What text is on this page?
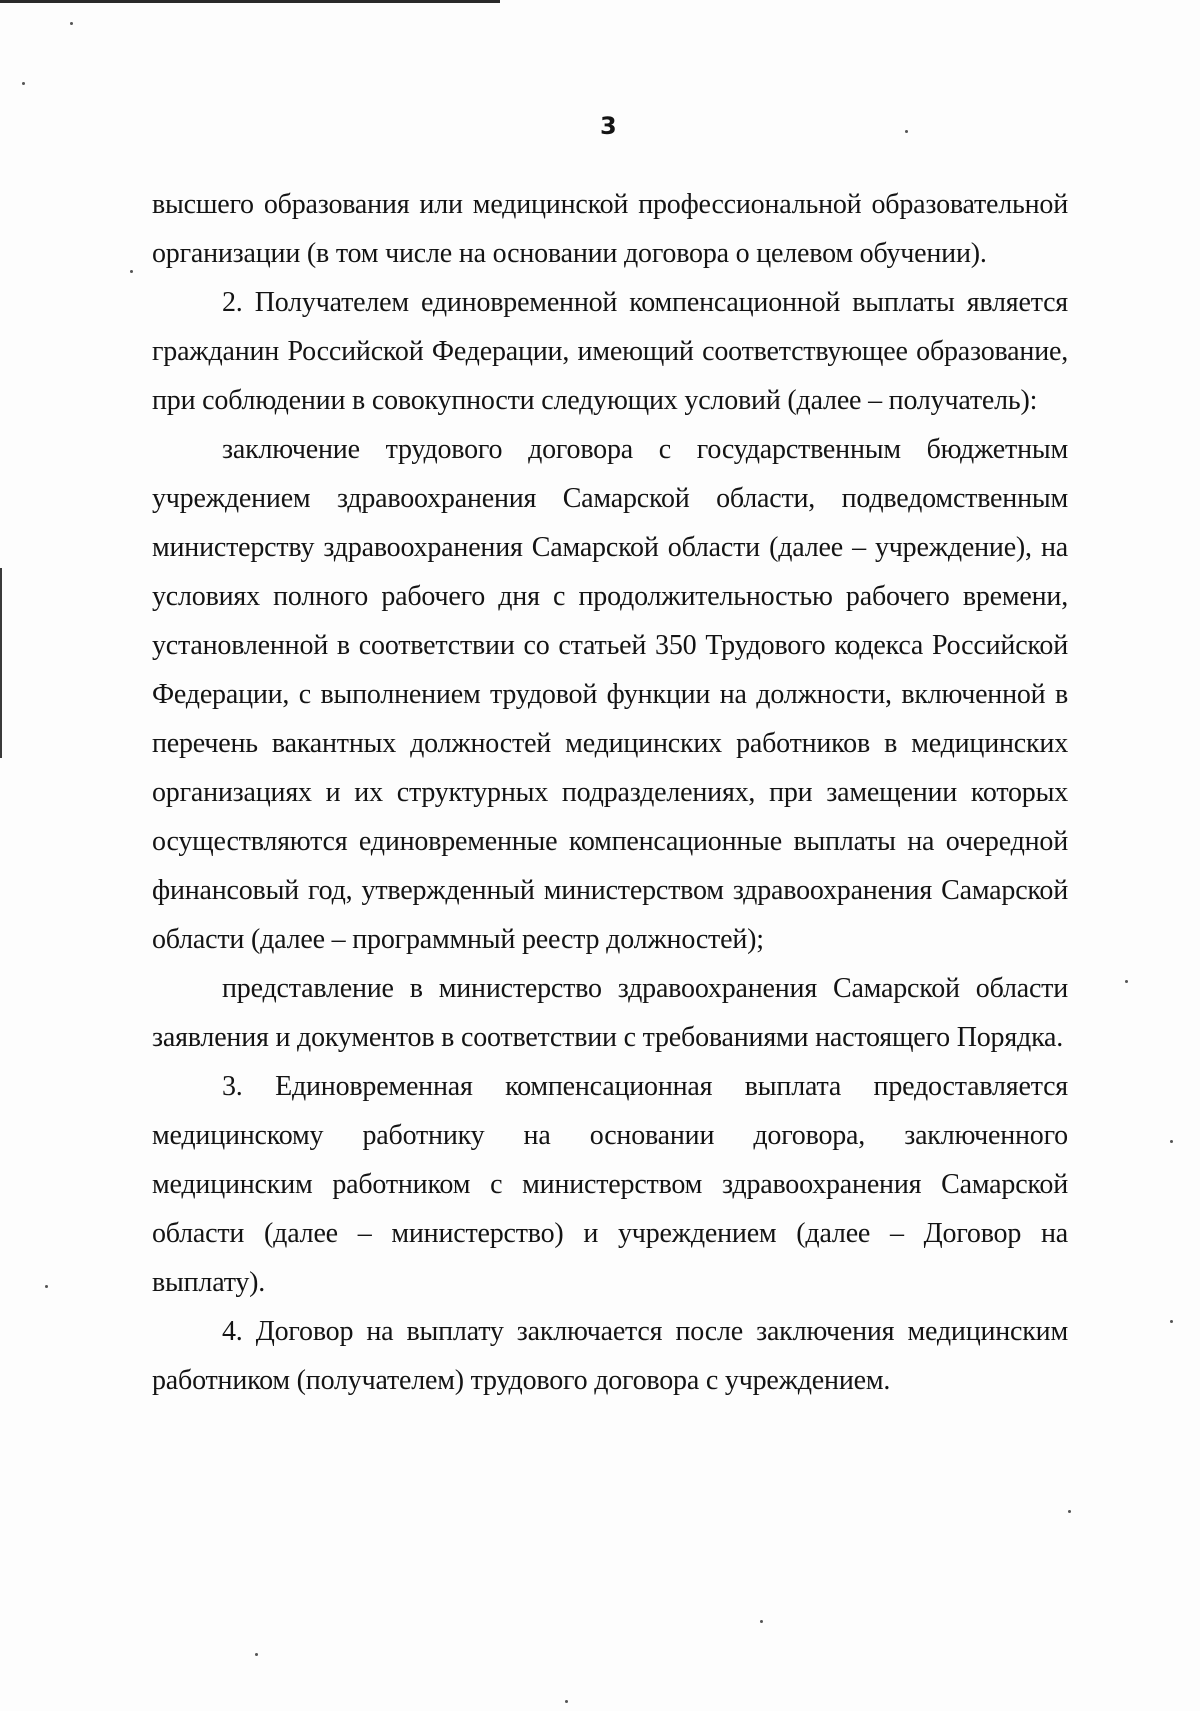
3

высшего образования или медицинской профессиональной образовательной организации (в том числе на основании договора о целевом обучении).

2. Получателем единовременной компенсационной выплаты является гражданин Российской Федерации, имеющий соответствующее образование, при соблюдении в совокупности следующих условий (далее – получатель):

заключение трудового договора с государственным бюджетным учреждением здравоохранения Самарской области, подведомственным министерству здравоохранения Самарской области (далее – учреждение), на условиях полного рабочего дня с продолжительностью рабочего времени, установленной в соответствии со статьей 350 Трудового кодекса Российской Федерации, с выполнением трудовой функции на должности, включенной в перечень вакантных должностей медицинских работников в медицинских организациях и их структурных подразделениях, при замещении которых осуществляются единовременные компенсационные выплаты на очередной финансовый год, утвержденный министерством здравоохранения Самарской области (далее – программный реестр должностей);

представление в министерство здравоохранения Самарской области заявления и документов в соответствии с требованиями настоящего Порядка.

3. Единовременная компенсационная выплата предоставляется медицинскому работнику на основании договора, заключенного медицинским работником с министерством здравоохранения Самарской области (далее – министерство) и учреждением (далее – Договор на выплату).

4. Договор на выплату заключается после заключения медицинским работником (получателем) трудового договора с учреждением.
